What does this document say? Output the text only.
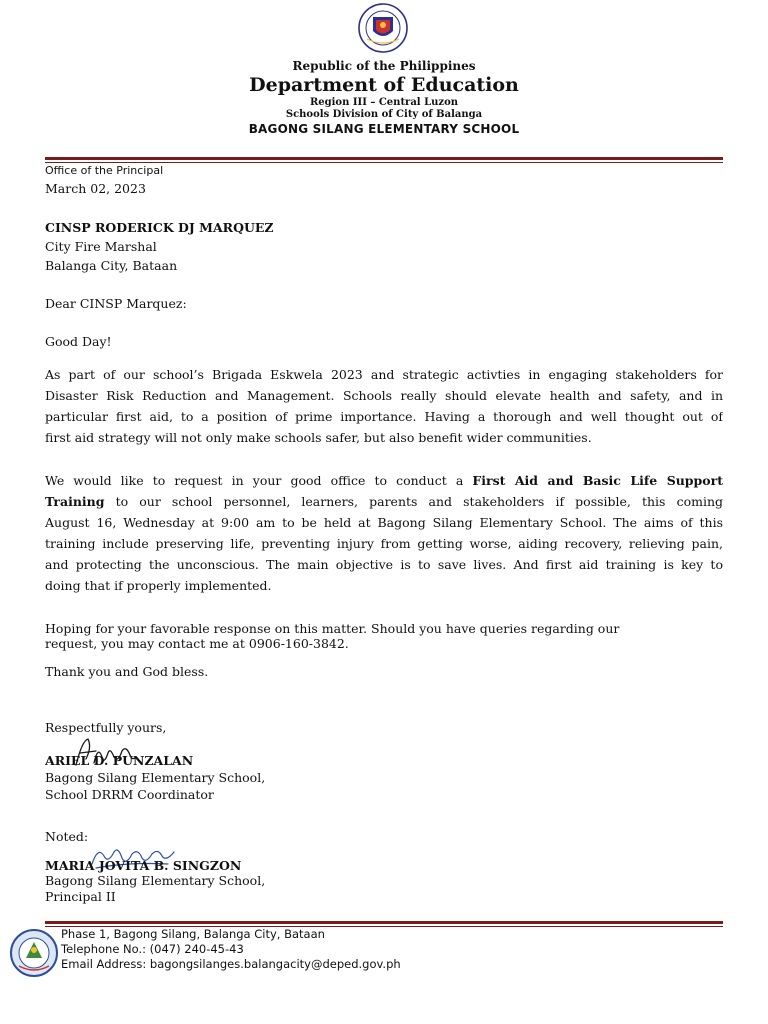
Republic of the Philippines
Department of Education
Region III – Central Luzon
Schools Division of City of Balanga
BAGONG SILANG ELEMENTARY SCHOOL
Office of the Principal
March 02, 2023
CINSP RODERICK DJ MARQUEZ
City Fire Marshal
Balanga City, Bataan
Dear CINSP Marquez:
Good Day!
As part of our school’s Brigada Eskwela 2023 and strategic activties in engaging stakeholders for
Disaster Risk Reduction and Management. Schools really should elevate health and safety, and in
particular first aid, to a position of prime importance. Having a thorough and well thought out of
first aid strategy will not only make schools safer, but also benefit wider communities.
We would like to request in your good office to conduct a First Aid and Basic Life Support
Training to our school personnel, learners, parents and stakeholders if possible, this coming
August 16, Wednesday at 9:00 am to be held at Bagong Silang Elementary School. The aims of this
training include preserving life, preventing injury from getting worse, aiding recovery, relieving pain,
and protecting the unconscious. The main objective is to save lives. And first aid training is key to
doing that if properly implemented.
Hoping for your favorable response on this matter. Should you have queries regarding our
request, you may contact me at 0906-160-3842.
Thank you and God bless.
Respectfully yours,
ARIEL D. PUNZALAN
Bagong Silang Elementary School,
School DRRM Coordinator
Noted:
MARIA JOVITA B. SINGZON
Bagong Silang Elementary School,
Principal II
Phase 1, Bagong Silang, Balanga City, Bataan
Telephone No.: (047) 240-45-43
Email Address: bagongsilanges.balangacity@deped.gov.ph
